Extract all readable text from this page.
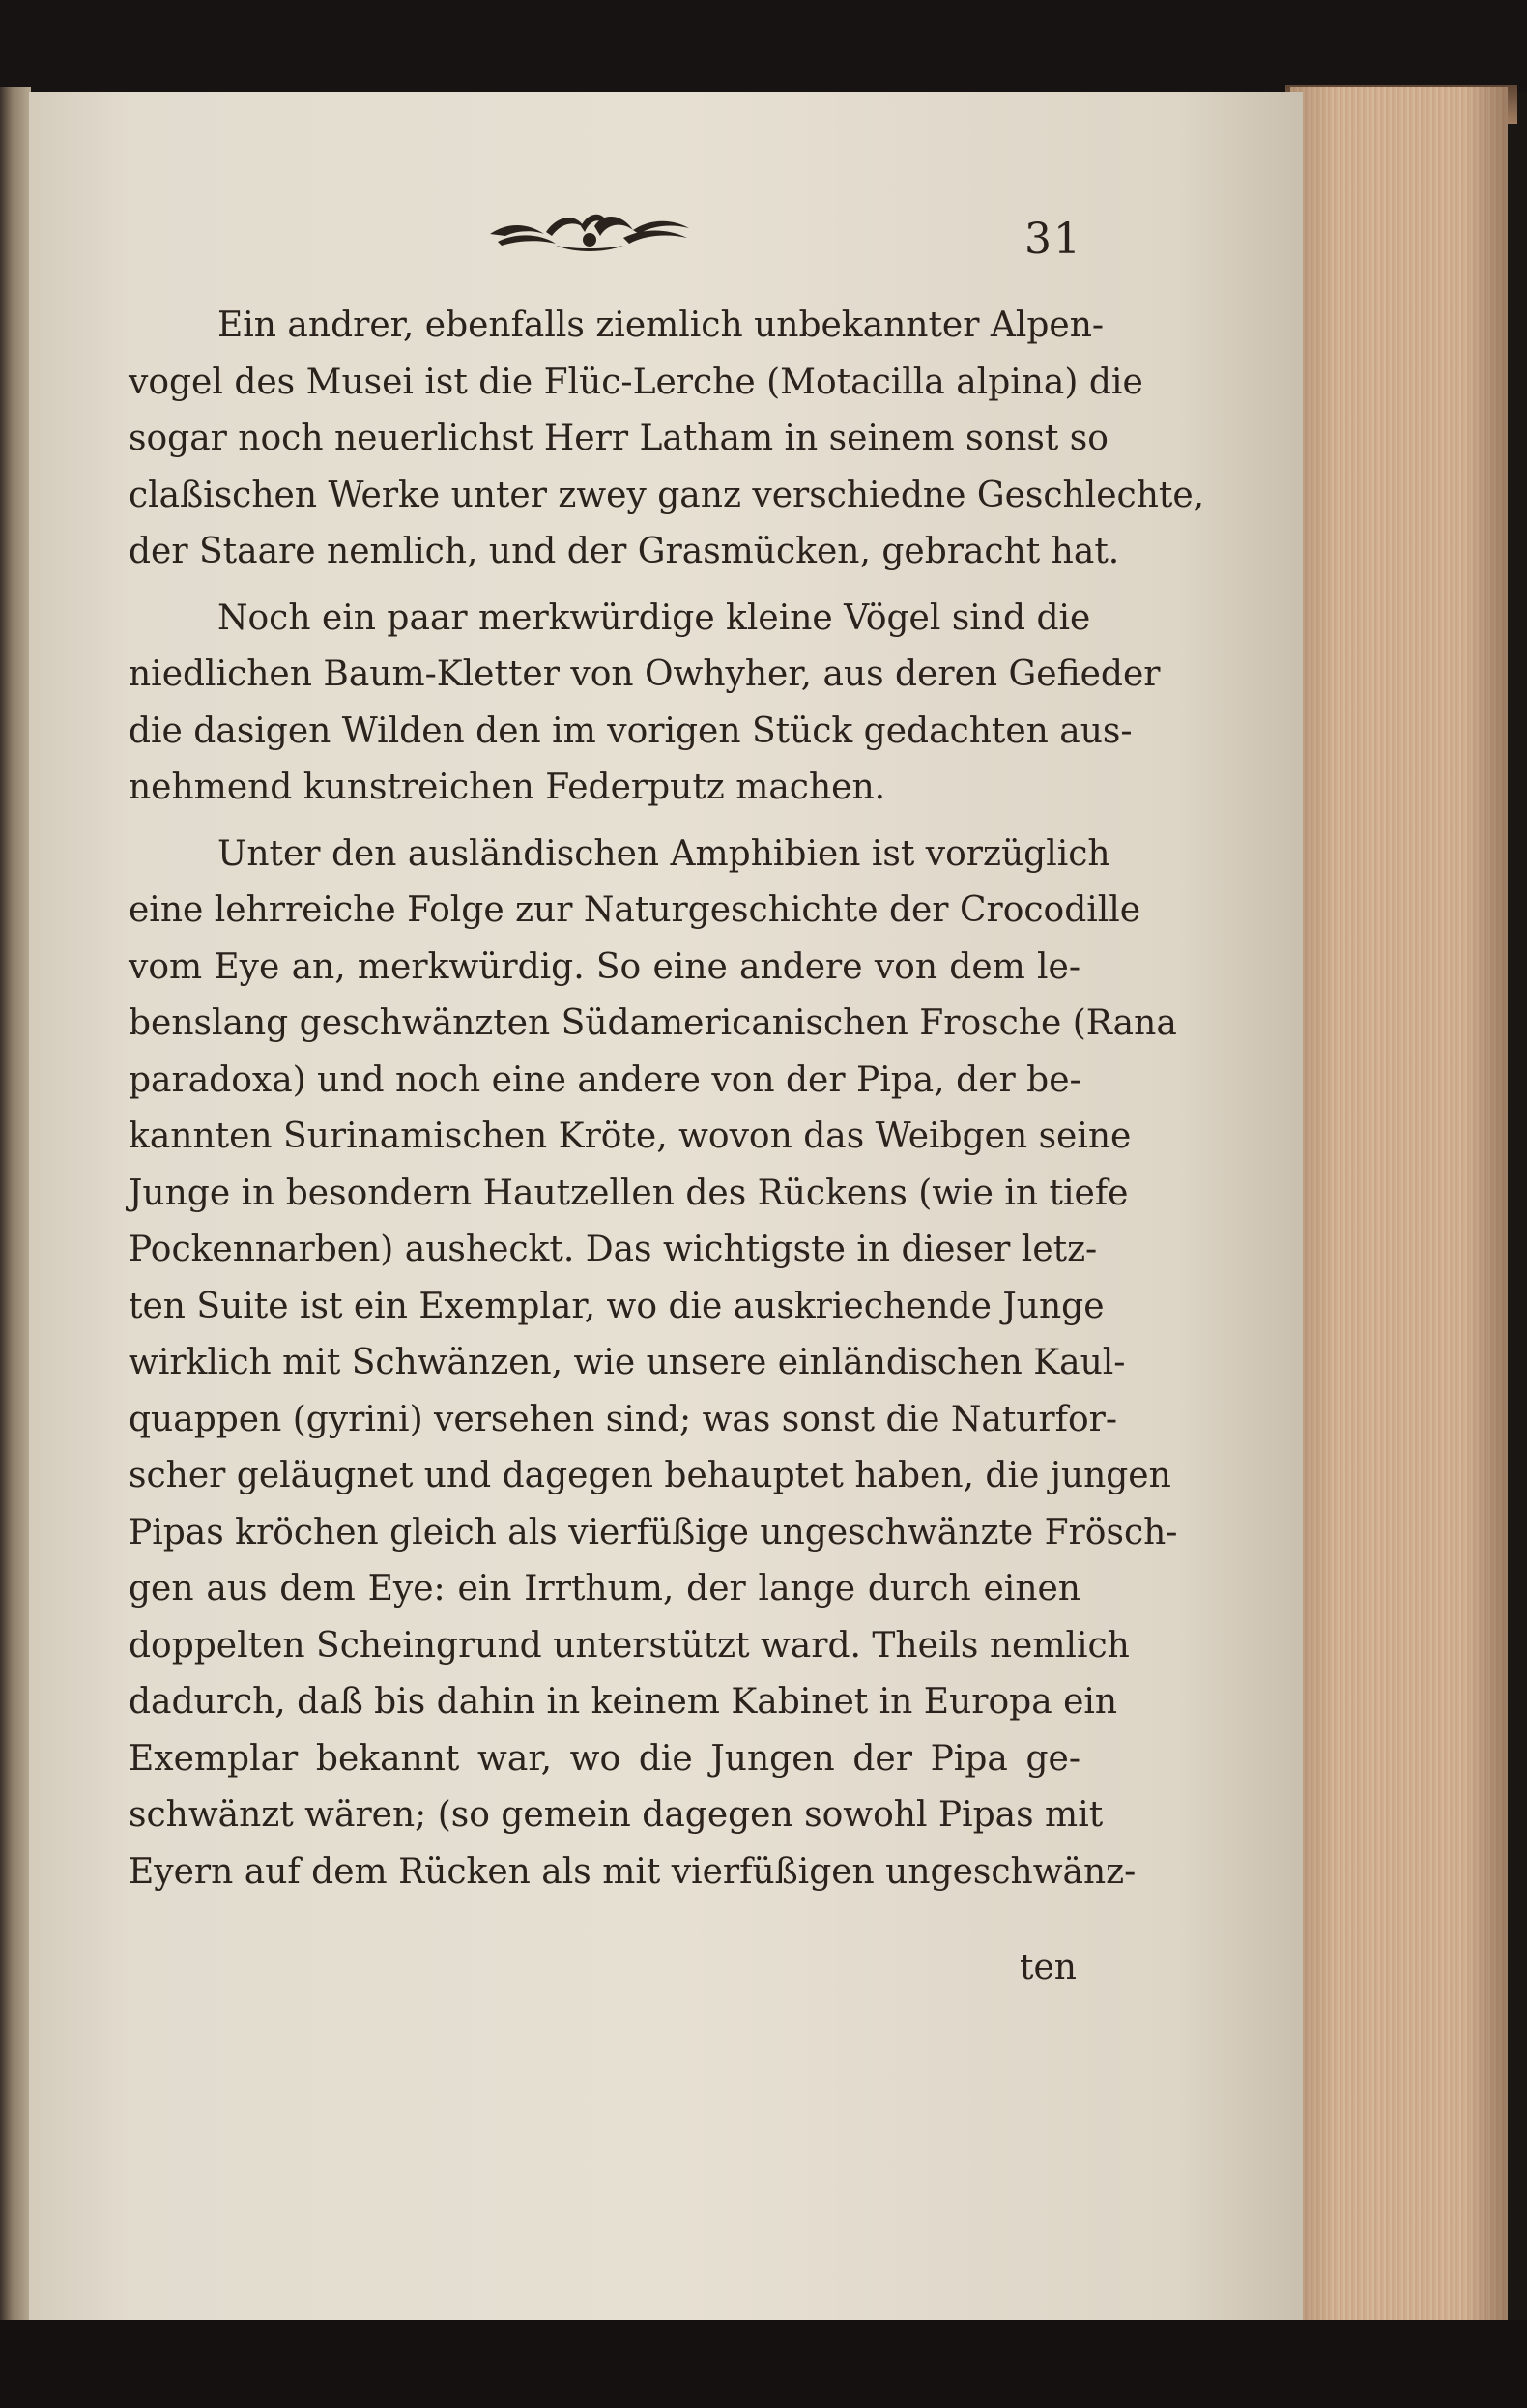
31
Ein andrer, ebenfalls ziemlich unbekannter Alpen-
vogel des Musei ist die Flüc-Lerche (Motacilla alpina) die
sogar noch neuerlichst Herr Latham in seinem sonst so
claßischen Werke unter zwey ganz verschiedne Geschlechte,
der Staare nemlich, und der Grasmücken, gebracht hat.
Noch ein paar merkwürdige kleine Vögel sind die
niedlichen Baum-Kletter von Owhyher, aus deren Gefieder
die dasigen Wilden den im vorigen Stück gedachten aus-
nehmend kunstreichen Federputz machen.
Unter den ausländischen Amphibien ist vorzüglich
eine lehrreiche Folge zur Naturgeschichte der Crocodille
vom Eye an, merkwürdig. So eine andere von dem le-
benslang geschwänzten Südamericanischen Frosche (Rana
paradoxa) und noch eine andere von der Pipa, der be-
kannten Surinamischen Kröte, wovon das Weibgen seine
Junge in besondern Hautzellen des Rückens (wie in tiefe
Pockennarben) ausheckt. Das wichtigste in dieser letz-
ten Suite ist ein Exemplar, wo die auskriechende Junge
wirklich mit Schwänzen, wie unsere einländischen Kaul-
quappen (gyrini) versehen sind; was sonst die Naturfor-
scher geläugnet und dagegen behauptet haben, die jungen
Pipas kröchen gleich als vierfüßige ungeschwänzte Frösch-
gen aus dem Eye: ein Irrthum, der lange durch einen
doppelten Scheingrund unterstützt ward. Theils nemlich
dadurch, daß bis dahin in keinem Kabinet in Europa ein
Exemplar bekannt war, wo die Jungen der Pipa ge-
schwänzt wären; (so gemein dagegen sowohl Pipas mit
Eyern auf dem Rücken als mit vierfüßigen ungeschwänz-
ten
